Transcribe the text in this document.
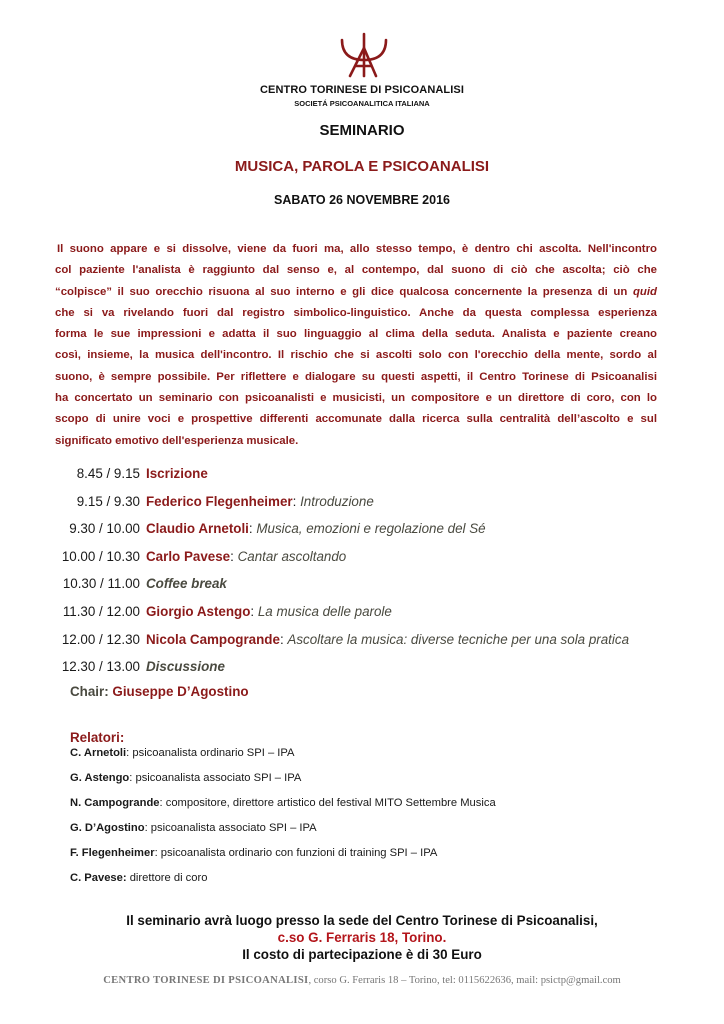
CENTRO TORINESE DI PSICOANALISI
SOCIETÁ PSICOANALITICA ITALIANA
SEMINARIO
MUSICA, PAROLA E PSICOANALISI
SABATO 26 NOVEMBRE 2016
Il suono appare e si dissolve, viene da fuori ma, allo stesso tempo, è dentro chi ascolta. Nell'incontro
col paziente l'analista è raggiunto dal senso e, al contempo, dal suono di ciò che ascolta; ciò che
“colpisce” il suo orecchio risuona al suo interno e gli dice qualcosa concernente la presenza di un quid
che si va rivelando fuori dal registro simbolico-linguistico. Anche da questa complessa esperienza
forma le sue impressioni e adatta il suo linguaggio al clima della seduta. Analista e paziente creano
così, insieme, la musica dell'incontro. Il rischio che si ascolti solo con l'orecchio della mente, sordo al
suono, è sempre possibile. Per riflettere e dialogare su questi aspetti, il Centro Torinese di Psicoanalisi
ha concertato un seminario con psicoanalisti e musicisti, un compositore e un direttore di coro, con lo
scopo di unire voci e prospettive differenti accomunate dalla ricerca sulla centralità dell’ascolto e sul
significato emotivo dell'esperienza musicale.
8.45 / 9.15 Iscrizione
9.15 / 9.30 Federico Flegenheimer: Introduzione
9.30 / 10.00 Claudio Arnetoli: Musica, emozioni e regolazione del Sé
10.00 / 10.30 Carlo Pavese: Cantar ascoltando
10.30 / 11.00 Coffee break
11.30 / 12.00 Giorgio Astengo: La musica delle parole
12.00 / 12.30 Nicola Campogrande: Ascoltare la musica: diverse tecniche per una sola pratica
12.30 / 13.00 Discussione
Chair: Giuseppe D’Agostino
Relatori:
C. Arnetoli: psicoanalista ordinario SPI – IPA
G. Astengo: psicoanalista associato SPI – IPA
N. Campogrande: compositore, direttore artistico del festival MITO Settembre Musica
G. D’Agostino: psicoanalista associato SPI – IPA
F. Flegenheimer: psicoanalista ordinario con funzioni di training SPI – IPA
C. Pavese: direttore di coro
Il seminario avrà luogo presso la sede del Centro Torinese di Psicoanalisi,
c.so G. Ferraris 18, Torino.
Il costo di partecipazione è di 30 Euro
CENTRO TORINESE DI PSICOANALISI, corso G. Ferraris 18 – Torino, tel: 0115622636, mail: psictp@gmail.com
